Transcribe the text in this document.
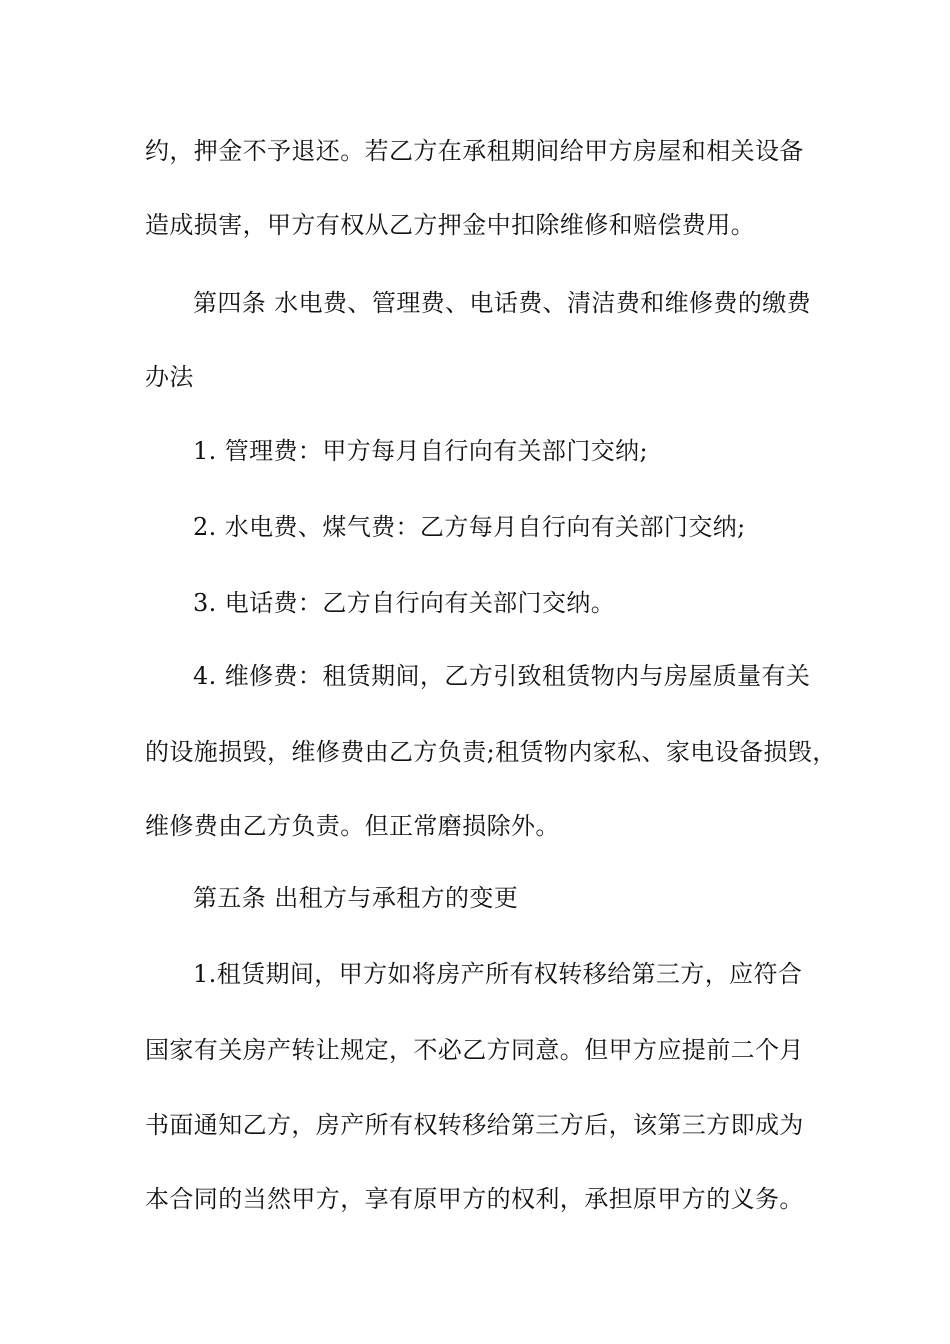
约，押金不予退还。若乙方在承租期间给甲方房屋和相关设备
造成损害，甲方有权从乙方押金中扣除维修和赔偿费用。
第四条 水电费、管理费、电话费、清洁费和维修费的缴费
办法
1. 管理费：甲方每月自行向有关部门交纳;
2. 水电费、煤气费：乙方每月自行向有关部门交纳;
3. 电话费：乙方自行向有关部门交纳。
4. 维修费：租赁期间，乙方引致租赁物内与房屋质量有关
的设施损毁，维修费由乙方负责;租赁物内家私、家电设备损毁，
维修费由乙方负责。但正常磨损除外。
第五条 出租方与承租方的变更
1.租赁期间，甲方如将房产所有权转移给第三方，应符合
国家有关房产转让规定，不必乙方同意。但甲方应提前二个月
书面通知乙方，房产所有权转移给第三方后，该第三方即成为
本合同的当然甲方，享有原甲方的权利，承担原甲方的义务。
